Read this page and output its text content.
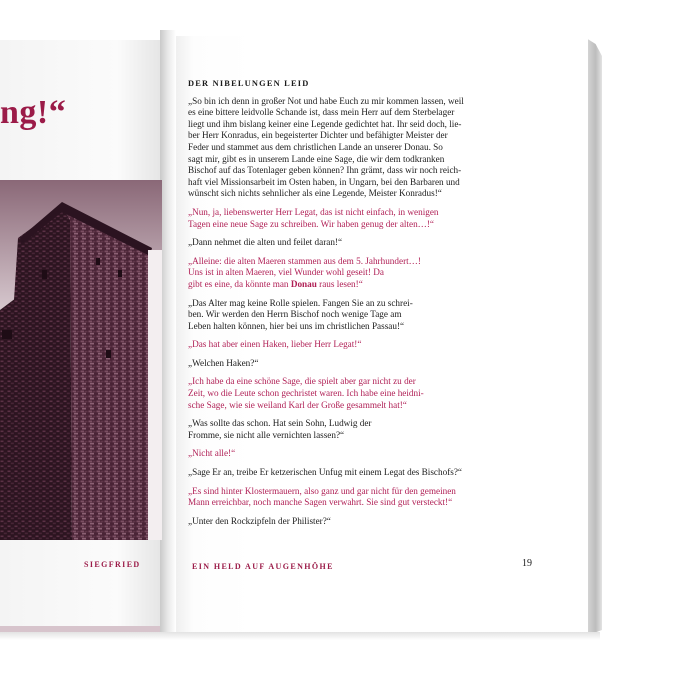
ng!“
SIEGFRIED
DER NIBELUNGEN LEID
„So bin ich denn in großer Not und habe Euch zu mir kommen lassen, weil
es eine bittere leidvolle Schande ist, dass mein Herr auf dem Sterbelager
liegt und ihm bislang keiner eine Legende gedichtet hat. Ihr seid doch, lie-
ber Herr Konradus, ein begeisterter Dichter und befähigter Meister der
Feder und stammet aus dem christlichen Lande an unserer Donau. So
sagt mir, gibt es in unserem Lande eine Sage, die wir dem todkranken
Bischof auf das Totenlager geben können? Ihn grämt, dass wir noch reich-
haft viel Missionsarbeit im Osten haben, in Ungarn, bei den Barbaren und
wünscht sich nichts sehnlicher als eine Legende, Meister Konradus!“
„Nun, ja, liebenswerter Herr Legat, das ist nicht einfach, in wenigen
Tagen eine neue Sage zu schreiben. Wir haben genug der alten…!“
„Dann nehmet die alten und feilet daran!“
„Alleine: die alten Maeren stammen aus dem 5. Jahrhundert…!
Uns ist in alten Maeren, viel Wunder wohl geseit! Da
gibt es eine, da könnte man Donau raus lesen!“
„Das Alter mag keine Rolle spielen. Fangen Sie an zu schrei-
ben. Wir werden den Herrn Bischof noch wenige Tage am
Leben halten können, hier bei uns im christlichen Passau!“
„Das hat aber einen Haken, lieber Herr Legat!“
„Welchen Haken?“
„Ich habe da eine schöne Sage, die spielt aber gar nicht zu der
Zeit, wo die Leute schon gechristet waren. Ich habe eine heidni-
sche Sage, wie sie weiland Karl der Große gesammelt hat!“
„Was sollte das schon. Hat sein Sohn, Ludwig der
Fromme, sie nicht alle vernichten lassen?“
„Nicht alle!“
„Sage Er an, treibe Er ketzerischen Unfug mit einem Legat des Bischofs?“
„Es sind hinter Klostermauern, also ganz und gar nicht für den gemeinen
Mann erreichbar, noch manche Sagen verwahrt. Sie sind gut versteckt!“
„Unter den Rockzipfeln der Philister?“
EIN HELD AUF AUGENHÖHE	19
